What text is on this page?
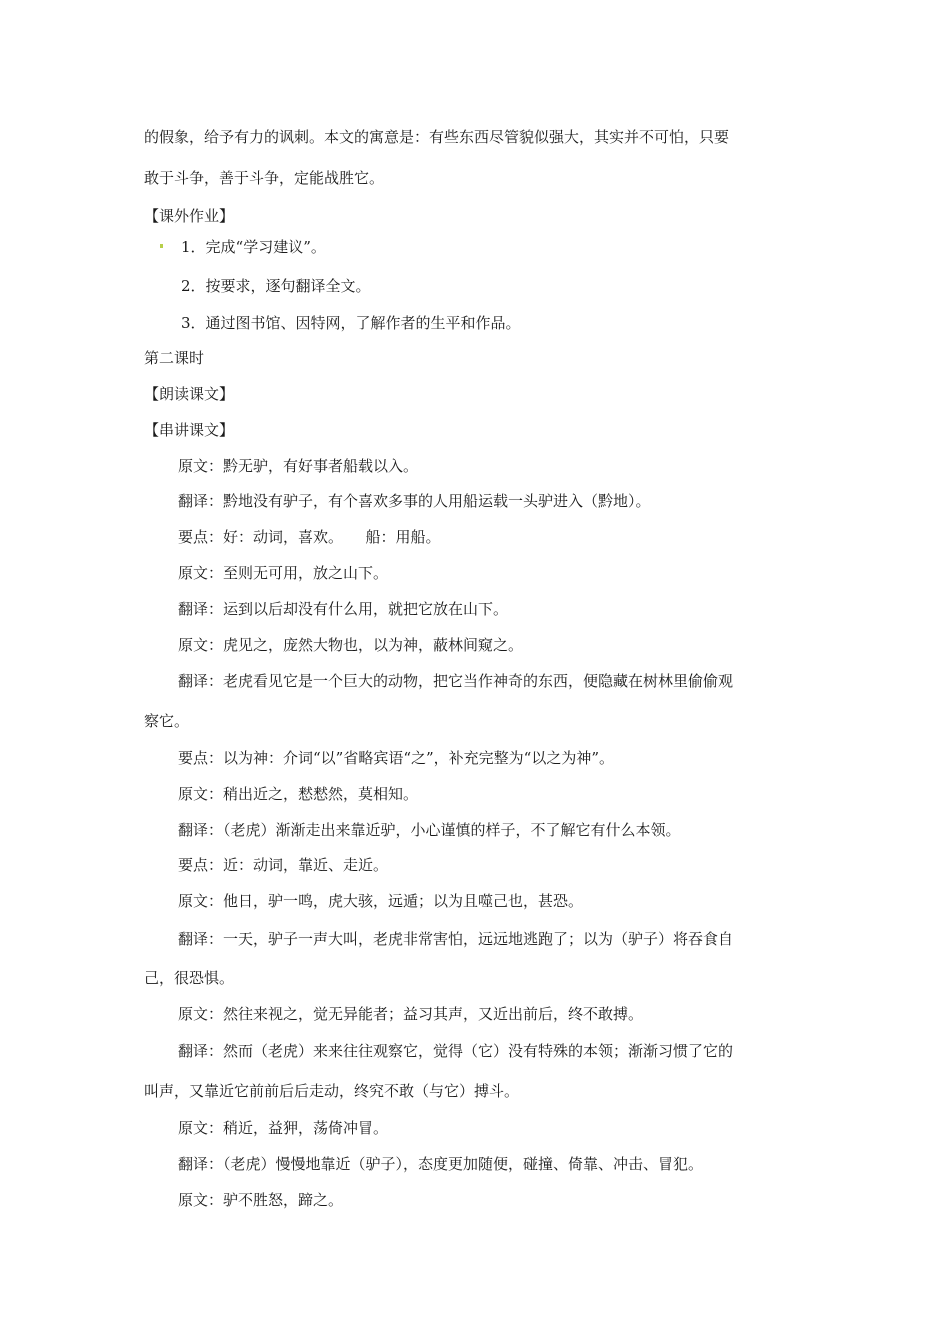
的假象，给予有力的讽刺。本文的寓意是：有些东西尽管貌似强大，其实并不可怕，只要
敢于斗争，善于斗争，定能战胜它。
【课外作业】
1．完成“学习建议”。
2．按要求，逐句翻译全文。
3．通过图书馆、因特网，了解作者的生平和作品。
第二课时
【朗读课文】
【串讲课文】
原文：黔无驴，有好事者船载以入。
翻译：黔地没有驴子，有个喜欢多事的人用船运载一头驴进入（黔地）。
要点：好：动词，喜欢。　　船：用船。
原文：至则无可用，放之山下。
翻译：运到以后却没有什么用，就把它放在山下。
原文：虎见之，庞然大物也，以为神，蔽林间窥之。
翻译：老虎看见它是一个巨大的动物，把它当作神奇的东西，便隐藏在树林里偷偷观
察它。
要点：以为神：介词“以”省略宾语“之”，补充完整为“以之为神”。
原文：稍出近之，慭慭然，莫相知。
翻译：（老虎）渐渐走出来靠近驴，小心谨慎的样子，不了解它有什么本领。
要点：近：动词，靠近、走近。
原文：他日，驴一鸣，虎大骇，远遁；以为且噬己也，甚恐。
翻译：一天，驴子一声大叫，老虎非常害怕，远远地逃跑了；以为（驴子）将吞食自
己，很恐惧。
原文：然往来视之，觉无异能者；益习其声，又近出前后，终不敢搏。
翻译：然而（老虎）来来往往观察它，觉得（它）没有特殊的本领；渐渐习惯了它的
叫声，又靠近它前前后后走动，终究不敢（与它）搏斗。
原文：稍近，益狎，荡倚冲冒。
翻译：（老虎）慢慢地靠近（驴子），态度更加随便，碰撞、倚靠、冲击、冒犯。
原文：驴不胜怒，蹄之。
